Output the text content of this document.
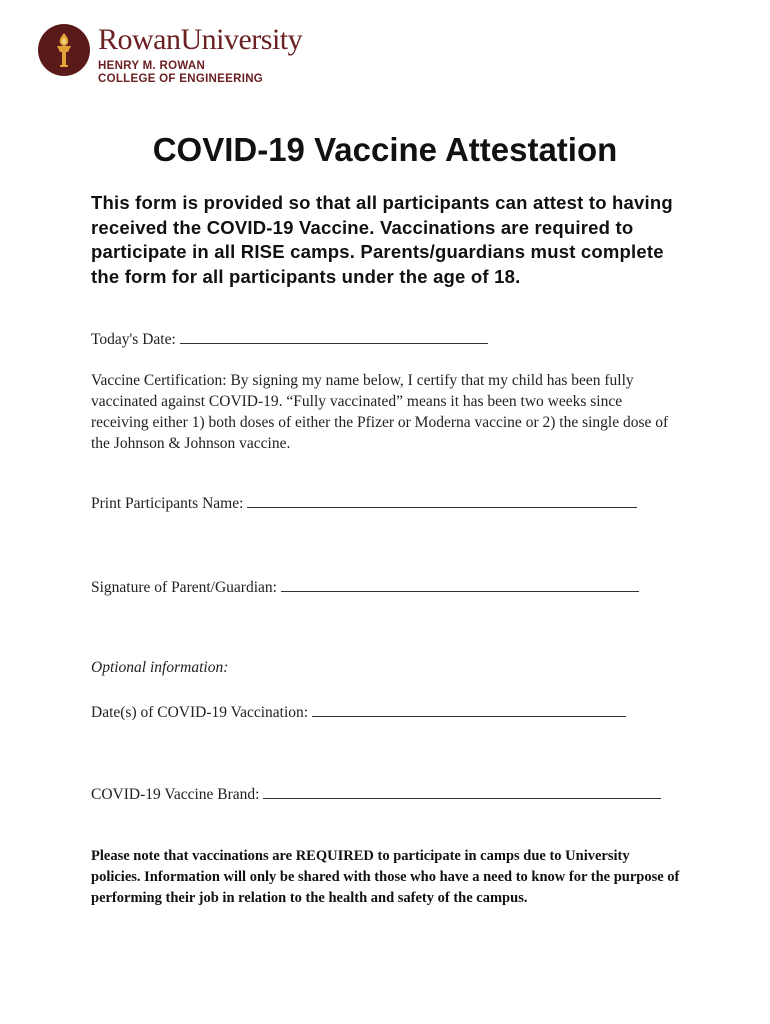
RowanUniversity
HENRY M. ROWAN
COLLEGE OF ENGINEERING
COVID-19 Vaccine Attestation
This form is provided so that all participants can attest to having received the COVID-19 Vaccine. Vaccinations are required to participate in all RISE camps. Parents/guardians must complete the form for all participants under the age of 18.
Today's Date:
Vaccine Certification: By signing my name below, I certify that my child has been fully vaccinated against COVID-19. “Fully vaccinated” means it has been two weeks since receiving either 1) both doses of either the Pfizer or Moderna vaccine or 2) the single dose of the Johnson & Johnson vaccine.
Print Participants Name:
Signature of Parent/Guardian:
Optional information:
Date(s) of COVID-19 Vaccination:
COVID-19 Vaccine Brand:
Please note that vaccinations are REQUIRED to participate in camps due to University policies. Information will only be shared with those who have a need to know for the purpose of performing their job in relation to the health and safety of the campus.
